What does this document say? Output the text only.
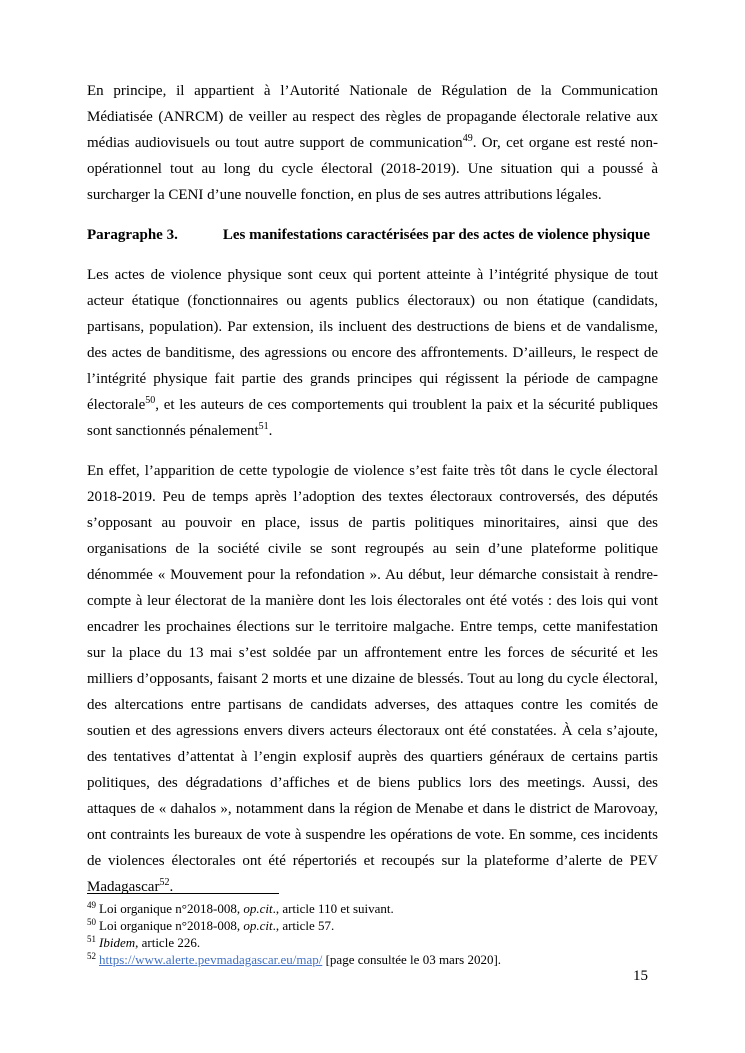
En principe, il appartient à l’Autorité Nationale de Régulation de la Communication Médiatisée (ANRCM) de veiller au respect des règles de propagande électorale relative aux médias audiovisuels ou tout autre support de communication$^{49}$. Or, cet organe est resté non-opérationnel tout au long du cycle électoral (2018-2019). Une situation qui a poussé à surcharger la CENI d’une nouvelle fonction, en plus de ses autres attributions légales.

Paragraphe 3.	Les manifestations caractérisées par des actes de violence physique

Les actes de violence physique sont ceux qui portent atteinte à l’intégrité physique de tout acteur étatique (fonctionnaires ou agents publics électoraux) ou non étatique (candidats, partisans, population). Par extension, ils incluent des destructions de biens et de vandalisme, des actes de banditisme, des agressions ou encore des affrontements. D’ailleurs, le respect de l’intégrité physique fait partie des grands principes qui régissent la période de campagne électorale$^{50}$, et les auteurs de ces comportements qui troublent la paix et la sécurité publiques sont sanctionnés pénalement$^{51}$.

En effet, l’apparition de cette typologie de violence s’est faite très tôt dans le cycle électoral 2018-2019. Peu de temps après l’adoption des textes électoraux controversés, des députés s’opposant au pouvoir en place, issus de partis politiques minoritaires, ainsi que des organisations de la société civile se sont regroupés au sein d’une plateforme politique dénommée « Mouvement pour la refondation ». Au début, leur démarche consistait à rendre-compte à leur électorat de la manière dont les lois électorales ont été votés : des lois qui vont encadrer les prochaines élections sur le territoire malgache. Entre temps, cette manifestation sur la place du 13 mai s’est soldée par un affrontement entre les forces de sécurité et les milliers d’opposants, faisant 2 morts et une dizaine de blessés. Tout au long du cycle électoral, des altercations entre partisans de candidats adverses, des attaques contre les comités de soutien et des agressions envers divers acteurs électoraux ont été constatées. À cela s’ajoute, des tentatives d’attentat à l’engin explosif auprès des quartiers généraux de certains partis politiques, des dégradations d’affiches et de biens publics lors des meetings. Aussi, des attaques de « dahalos », notamment dans la région de Menabe et dans le district de Marovoay, ont contraints les bureaux de vote à suspendre les opérations de vote. En somme, ces incidents de violences électorales ont été répertoriés et recoupés sur la plateforme d’alerte de PEV Madagascar$^{52}$.

$^{49}$ Loi organique n°2018-008, op.cit., article 110 et suivant.
$^{50}$ Loi organique n°2018-008, op.cit., article 57.
$^{51}$ Ibidem, article 226.
$^{52}$ https://www.alerte.pevmadagascar.eu/map/ [page consultée le 03 mars 2020].
15
